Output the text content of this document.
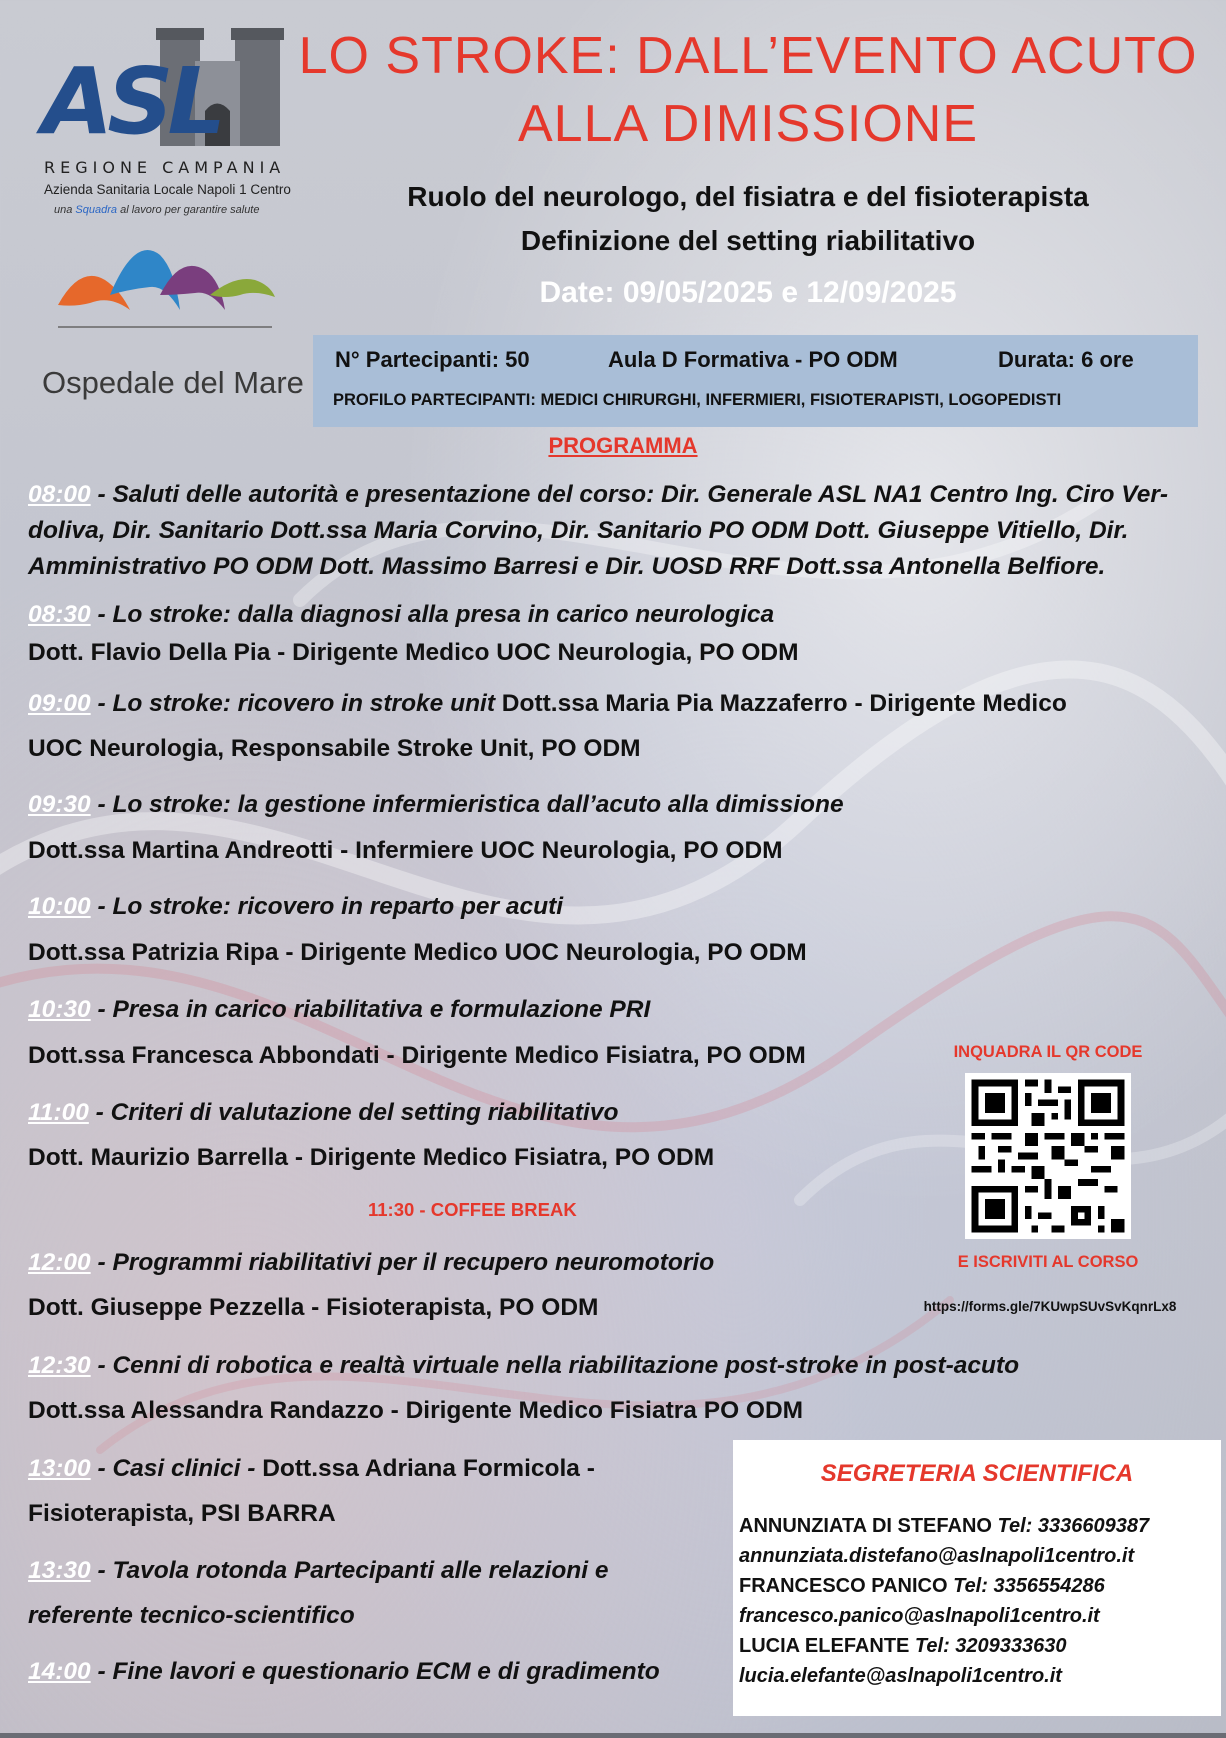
ASL
REGIONE CAMPANIA
Azienda Sanitaria Locale Napoli 1 Centro
una Squadra al lavoro per garantire salute
Ospedale del Mare
LO STROKE: DALL’EVENTO ACUTO
ALLA DIMISSIONE
Ruolo del neurologo, del fisiatra e del fisioterapista
Definizione del setting riabilitativo
Date: 09/05/2025 e 12/09/2025
N° Partecipanti: 50	Aula D Formativa - PO ODM	Durata: 6 ore
PROFILO PARTECIPANTI: MEDICI CHIRURGHI, INFERMIERI, FISIOTERAPISTI, LOGOPEDISTI
PROGRAMMA
08:00 - Saluti delle autorità e presentazione del corso: Dir. Generale ASL NA1 Centro Ing. Ciro Ver-
doliva, Dir. Sanitario Dott.ssa Maria Corvino, Dir. Sanitario PO ODM Dott. Giuseppe Vitiello, Dir.
Amministrativo PO ODM Dott. Massimo Barresi e Dir. UOSD RRF Dott.ssa Antonella Belfiore.
08:30 - Lo stroke: dalla diagnosi alla presa in carico neurologica
Dott. Flavio Della Pia - Dirigente Medico UOC Neurologia, PO ODM
09:00 - Lo stroke: ricovero in stroke unit Dott.ssa Maria Pia Mazzaferro - Dirigente Medico
UOC Neurologia, Responsabile Stroke Unit, PO ODM
09:30 - Lo stroke: la gestione infermieristica dall’acuto alla dimissione
Dott.ssa Martina Andreotti - Infermiere UOC Neurologia, PO ODM
10:00 - Lo stroke: ricovero in reparto per acuti
Dott.ssa Patrizia Ripa - Dirigente Medico UOC Neurologia, PO ODM
10:30 - Presa in carico riabilitativa e formulazione PRI
Dott.ssa Francesca Abbondati - Dirigente Medico Fisiatra, PO ODM
11:00 - Criteri di valutazione del setting riabilitativo
Dott. Maurizio Barrella - Dirigente Medico Fisiatra, PO ODM
12:00 - Programmi riabilitativi per il recupero neuromotorio
Dott. Giuseppe Pezzella - Fisioterapista, PO ODM
12:30 - Cenni di robotica e realtà virtuale nella riabilitazione post-stroke in post-acuto
Dott.ssa Alessandra Randazzo - Dirigente Medico Fisiatra PO ODM
13:00 - Casi clinici - Dott.ssa Adriana Formicola -
Fisioterapista, PSI BARRA
13:30 - Tavola rotonda Partecipanti alle relazioni e
referente tecnico-scientifico
14:00 - Fine lavori e questionario ECM e di gradimento
11:30 - COFFEE BREAK
INQUADRA IL QR CODE
E ISCRIVITI AL CORSO
https://forms.gle/7KUwpSUvSvKqnrLx8
SEGRETERIA SCIENTIFICA
ANNUNZIATA DI STEFANO Tel: 3336609387
annunziata.distefano@aslnapoli1centro.it
FRANCESCO PANICO Tel: 3356554286
francesco.panico@aslnapoli1centro.it
LUCIA ELEFANTE Tel: 3209333630
lucia.elefante@aslnapoli1centro.it
